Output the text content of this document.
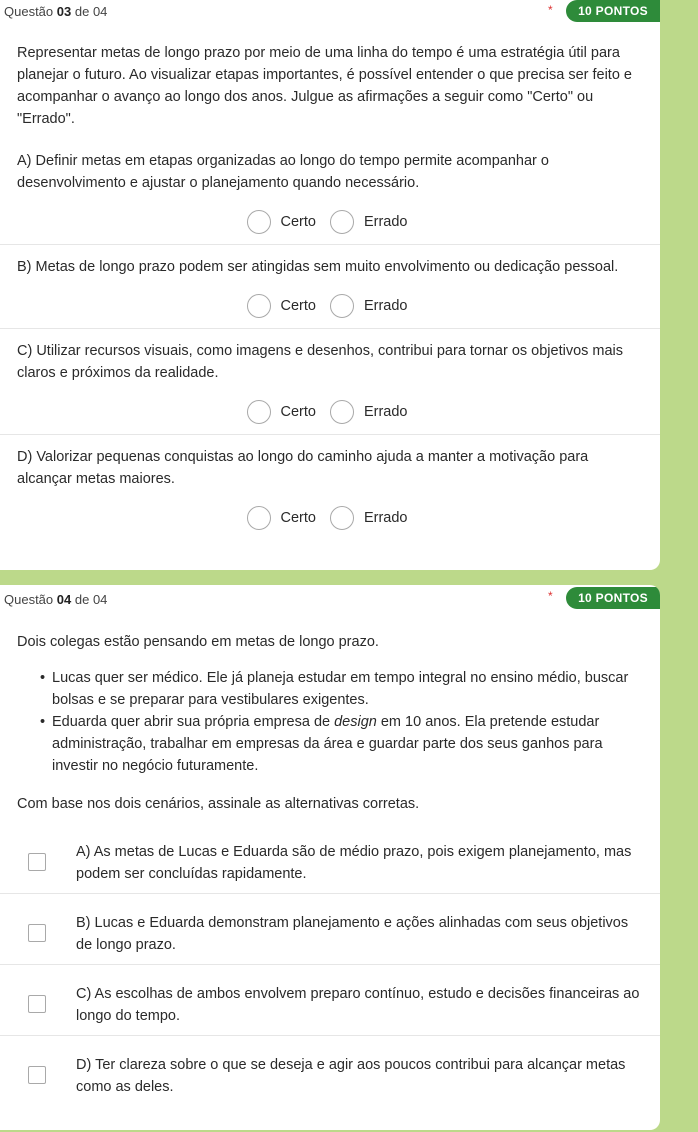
Questão 03 de 04	*	10 PONTOS
Representar metas de longo prazo por meio de uma linha do tempo é uma estratégia útil para planejar o futuro. Ao visualizar etapas importantes, é possível entender o que precisa ser feito e acompanhar o avanço ao longo dos anos. Julgue as afirmações a seguir como "Certo" ou "Errado".
A) Definir metas em etapas organizadas ao longo do tempo permite acompanhar o desenvolvimento e ajustar o planejamento quando necessário.
Certo	Errado
B) Metas de longo prazo podem ser atingidas sem muito envolvimento ou dedicação pessoal.
Certo	Errado
C) Utilizar recursos visuais, como imagens e desenhos, contribui para tornar os objetivos mais claros e próximos da realidade.
Certo	Errado
D) Valorizar pequenas conquistas ao longo do caminho ajuda a manter a motivação para alcançar metas maiores.
Certo	Errado
Questão 04 de 04	*	10 PONTOS
Dois colegas estão pensando em metas de longo prazo.
• Lucas quer ser médico. Ele já planeja estudar em tempo integral no ensino médio, buscar bolsas e se preparar para vestibulares exigentes.
• Eduarda quer abrir sua própria empresa de design em 10 anos. Ela pretende estudar administração, trabalhar em empresas da área e guardar parte dos seus ganhos para investir no negócio futuramente.
Com base nos dois cenários, assinale as alternativas corretas.
A) As metas de Lucas e Eduarda são de médio prazo, pois exigem planejamento, mas podem ser concluídas rapidamente.
B) Lucas e Eduarda demonstram planejamento e ações alinhadas com seus objetivos de longo prazo.
C) As escolhas de ambos envolvem preparo contínuo, estudo e decisões financeiras ao longo do tempo.
D) Ter clareza sobre o que se deseja e agir aos poucos contribui para alcançar metas como as deles.
